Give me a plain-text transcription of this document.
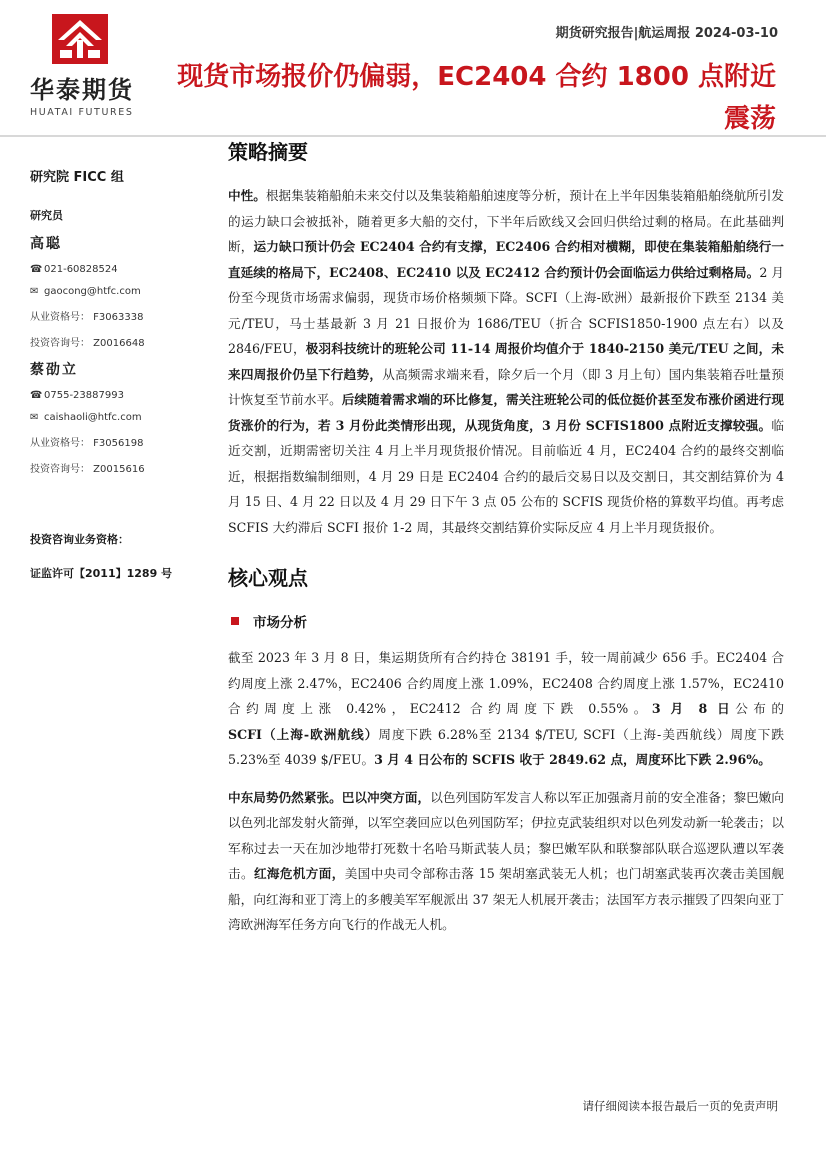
华泰期货
HUATAI FUTURES
期货研究报告|航运周报 2024-03-10
现货市场报价仍偏弱，EC2404 合约 1800 点附近震荡
研究院 FICC 组
研究员
高聪
☎ 021-60828524
✉ gaocong@htfc.com
从业资格号： F3063338
投资咨询号： Z0016648
蔡劭立
☎ 0755-23887993
✉ caishaoli@htfc.com
从业资格号： F3056198
投资咨询号： Z0015616
投资咨询业务资格：
证监许可【2011】1289 号
策略摘要

中性。根据集装箱船舶未来交付以及集装箱船舶速度等分析，预计在上半年因集装箱船舶绕航所引发的运力缺口会被抵补，随着更多大船的交付，下半年后欧线又会回归供给过剩的格局。在此基础判断，运力缺口预计仍会 EC2404 合约有支撑，EC2406 合约相对横糊，即使在集装箱船舶绕行一直延续的格局下，EC2408、EC2410 以及 EC2412 合约预计仍会面临运力供给过剩格局。2 月份至今现货市场需求偏弱，现货市场价格频频下降。SCFI（上海-欧洲）最新报价下跌至 2134 美元/TEU，马士基最新 3 月 21 日报价为 1686/TEU（折合 SCFIS1850-1900 点左右）以及 2846/FEU，极羽科技统计的班轮公司 11-14 周报价均值介于 1840-2150 美元/TEU 之间，未来四周报价仍呈下行趋势，从高频需求端来看，除夕后一个月（即 3 月上旬）国内集装箱吞吐量预计恢复至节前水平。后续随着需求端的环比修复，需关注班轮公司的低位挺价甚至发布涨价函进行现货涨价的行为，若 3 月份此类情形出现，从现货角度，3 月份 SCFIS1800 点附近支撑较强。临近交割，近期需密切关注 4 月上半月现货报价情况。目前临近 4 月，EC2404 合约的最终交割临近，根据指数编制细则，4 月 29 日是 EC2404 合约的最后交易日以及交割日，其交割结算价为 4 月 15 日、4 月 22 日以及 4 月 29 日下午 3 点 05 公布的 SCFIS 现货价格的算数平均值。再考虑 SCFIS 大约滞后 SCFI 报价 1-2 周，其最终交割结算价实际反应 4 月上半月现货报价。

核心观点
市场分析

截至 2023 年 3 月 8 日，集运期货所有合约持仓 38191 手，较一周前减少 656 手。EC2404 合约周度上涨 2.47%，EC2406 合约周度上涨 1.09%，EC2408 合约周度上涨 1.57%，EC2410 合约周度上涨 0.42%，EC2412 合约周度下跌 0.55%。3 月 8 日公布的 SCFI（上海-欧洲航线）周度下跌 6.28%至 2134 $/TEU, SCFI（上海-美西航线）周度下跌 5.23%至 4039 $/FEU。3 月 4 日公布的 SCFIS 收于 2849.62 点，周度环比下跌 2.96%。

中东局势仍然紧张。巴以冲突方面，以色列国防军发言人称以军正加强斋月前的安全准备；黎巴嫩向以色列北部发射火箭弹，以军空袭回应以色列国防军；伊拉克武装组织对以色列发动新一轮袭击；以军称过去一天在加沙地带打死数十名哈马斯武装人员；黎巴嫩军队和联黎部队联合巡逻队遭以军袭击。红海危机方面，美国中央司令部称击落 15 架胡塞武装无人机；也门胡塞武装再次袭击美国舰船，向红海和亚丁湾上的多艘美军军舰派出 37 架无人机展开袭击；法国军方表示摧毁了四架向亚丁湾欧洲海军任务方向飞行的作战无人机。

请仔细阅读本报告最后一页的免责声明
